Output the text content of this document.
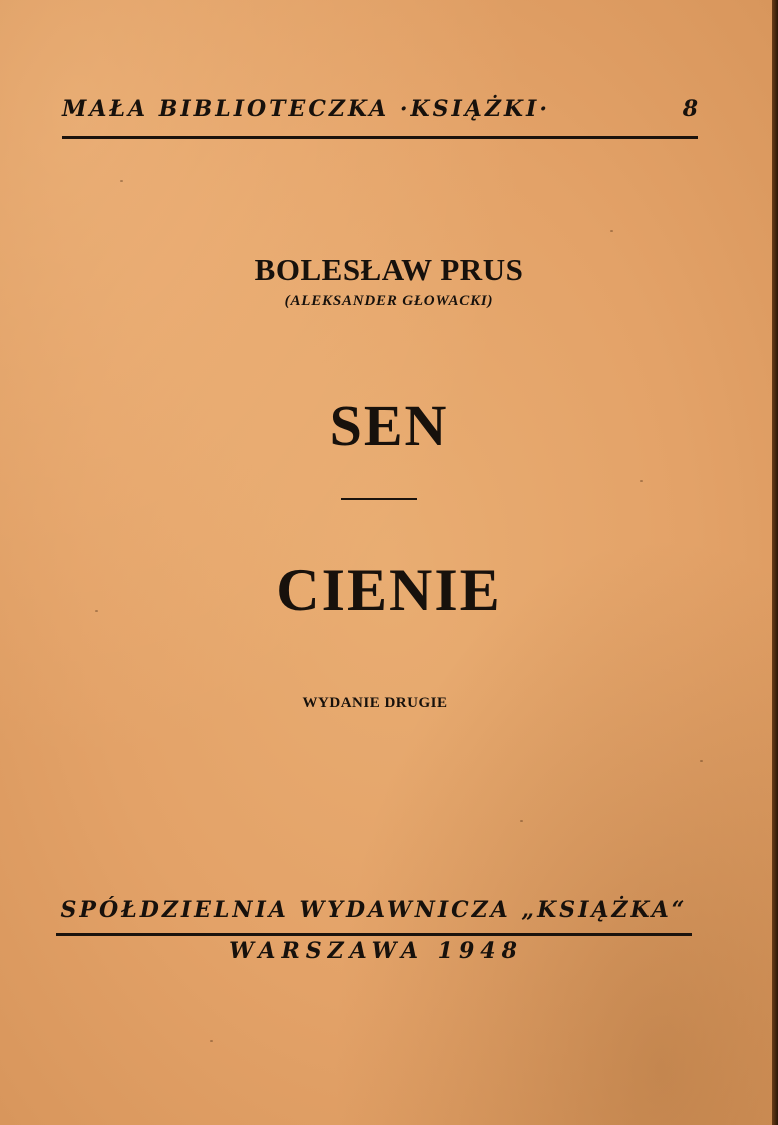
MAŁA BIBLIOTECZKA ·KSIĄŻKI·	8
BOLESŁAW PRUS
(ALEKSANDER GŁOWACKI)
SEN
CIENIE
WYDANIE DRUGIE
SPÓŁDZIELNIA WYDAWNICZA „KSIĄŻKA“
WARSZAWA 1948
